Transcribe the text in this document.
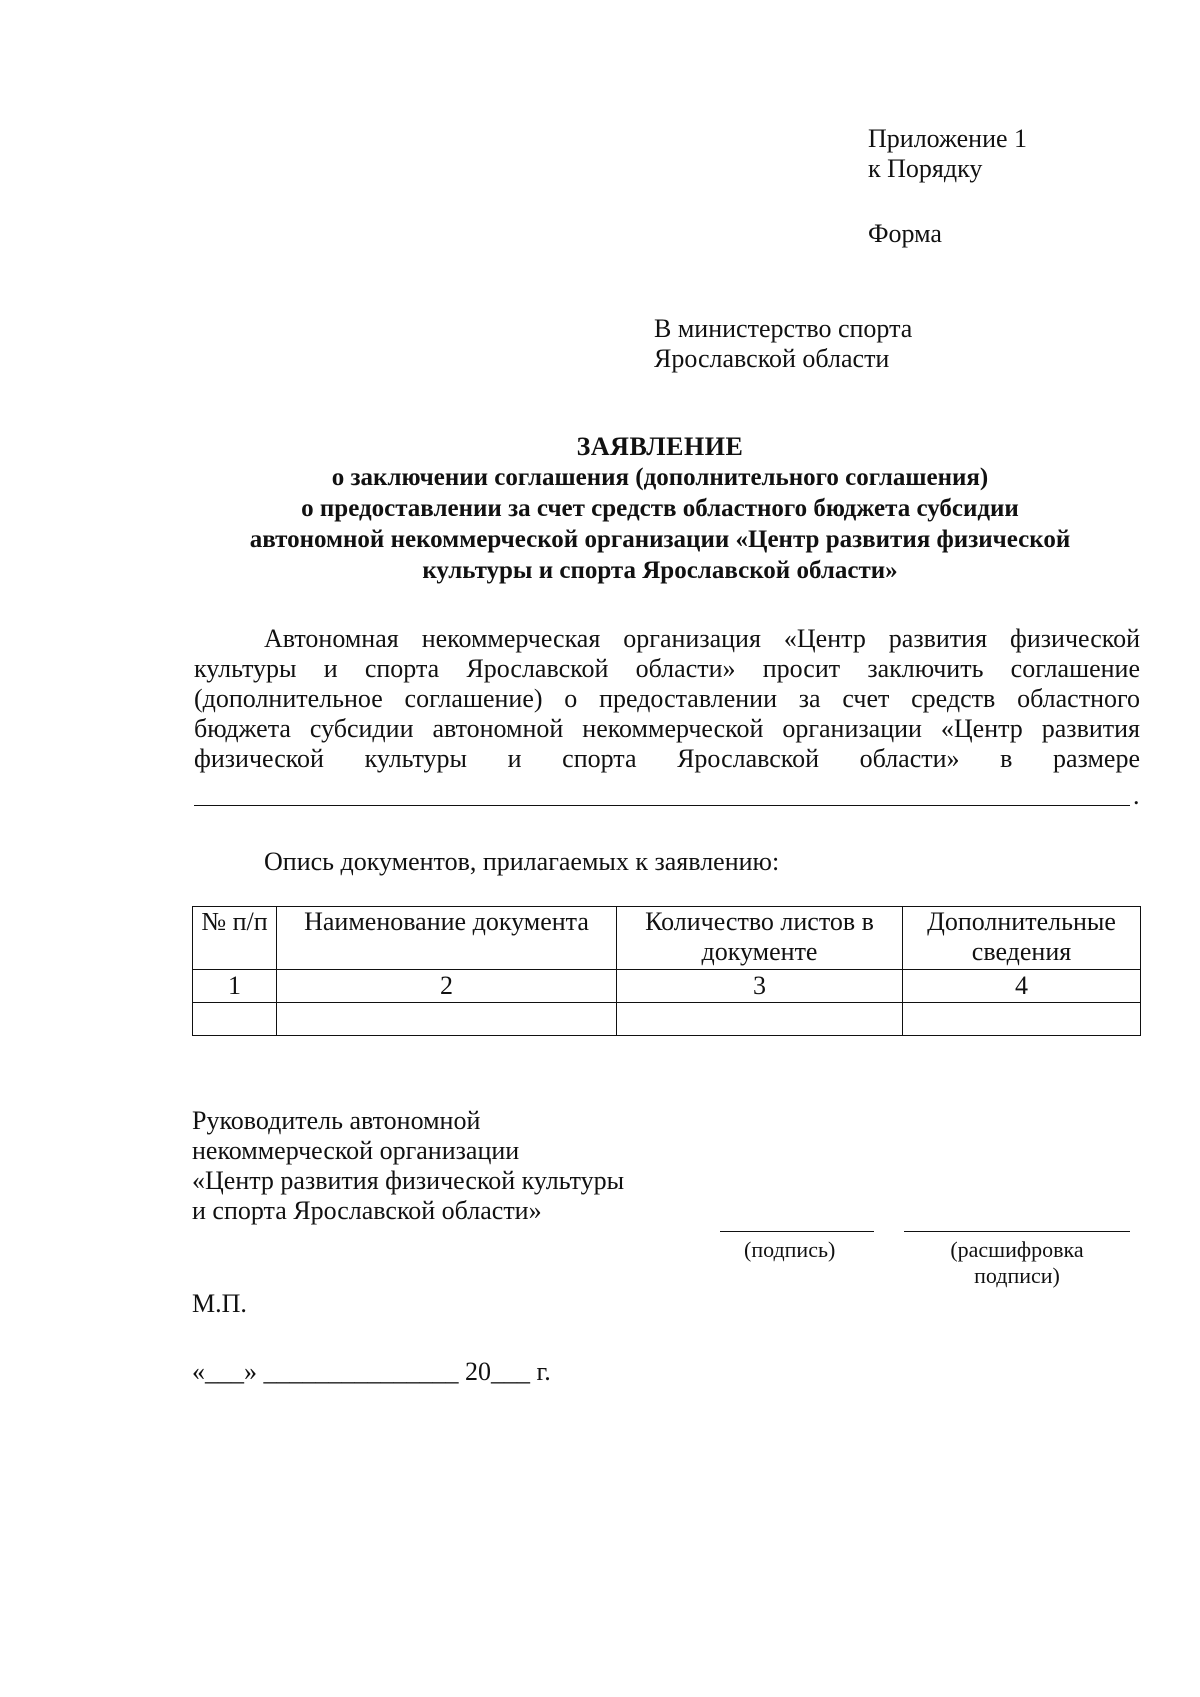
Приложение 1
к Порядку
Форма
В министерство спорта
Ярославской области
ЗАЯВЛЕНИЕ
о заключении соглашения (дополнительного соглашения)
о предоставлении за счет средств областного бюджета субсидии
автономной некоммерческой организации «Центр развития физической
культуры и спорта Ярославской области»
Автономная некоммерческая организация «Центр развития физической
культуры и спорта Ярославской области» просит заключить соглашение
(дополнительное соглашение) о предоставлении за счет средств областного
бюджета субсидии автономной некоммерческой организации «Центр развития
физической культуры и спорта Ярославской области» в размере
.
Опись документов, прилагаемых к заявлению:
№ п/п	Наименование документа	Количество листов в документе	Дополнительные сведения
1	2	3	4

Руководитель автономной
некоммерческой организации
«Центр развития физической культуры
и спорта Ярославской области»
(подпись)	(расшифровка
подписи)
М.П.
«___» _______________ 20___ г.
